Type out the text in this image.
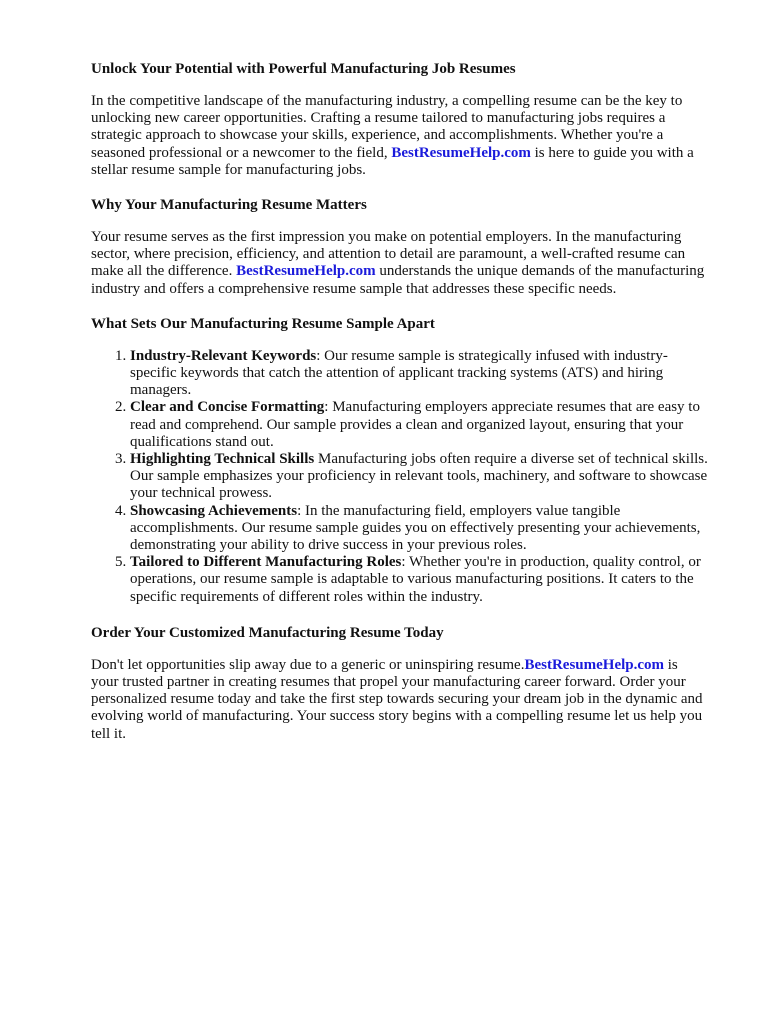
Unlock Your Potential with Powerful Manufacturing Job Resumes

In the competitive landscape of the manufacturing industry, a compelling resume can be the key to unlocking new career opportunities. Crafting a resume tailored to manufacturing jobs requires a strategic approach to showcase your skills, experience, and accomplishments. Whether you're a seasoned professional or a newcomer to the field, BestResumeHelp.com is here to guide you with a stellar resume sample for manufacturing jobs.

Why Your Manufacturing Resume Matters

Your resume serves as the first impression you make on potential employers. In the manufacturing sector, where precision, efficiency, and attention to detail are paramount, a well-crafted resume can make all the difference. BestResumeHelp.com understands the unique demands of the manufacturing industry and offers a comprehensive resume sample that addresses these specific needs.

What Sets Our Manufacturing Resume Sample Apart
1. Industry-Relevant Keywords: Our resume sample is strategically infused with industry-specific keywords that catch the attention of applicant tracking systems (ATS) and hiring managers.
2. Clear and Concise Formatting: Manufacturing employers appreciate resumes that are easy to read and comprehend. Our sample provides a clean and organized layout, ensuring that your qualifications stand out.
3. Highlighting Technical Skills Manufacturing jobs often require a diverse set of technical skills. Our sample emphasizes your proficiency in relevant tools, machinery, and software to showcase your technical prowess.
4. Showcasing Achievements: In the manufacturing field, employers value tangible accomplishments. Our resume sample guides you on effectively presenting your achievements, demonstrating your ability to drive success in your previous roles.
5. Tailored to Different Manufacturing Roles: Whether you're in production, quality control, or operations, our resume sample is adaptable to various manufacturing positions. It caters to the specific requirements of different roles within the industry.
Order Your Customized Manufacturing Resume Today

Don't let opportunities slip away due to a generic or uninspiring resume.BestResumeHelp.com is your trusted partner in creating resumes that propel your manufacturing career forward. Order your personalized resume today and take the first step towards securing your dream job in the dynamic and evolving world of manufacturing. Your success story begins with a compelling resume let us help you tell it.
